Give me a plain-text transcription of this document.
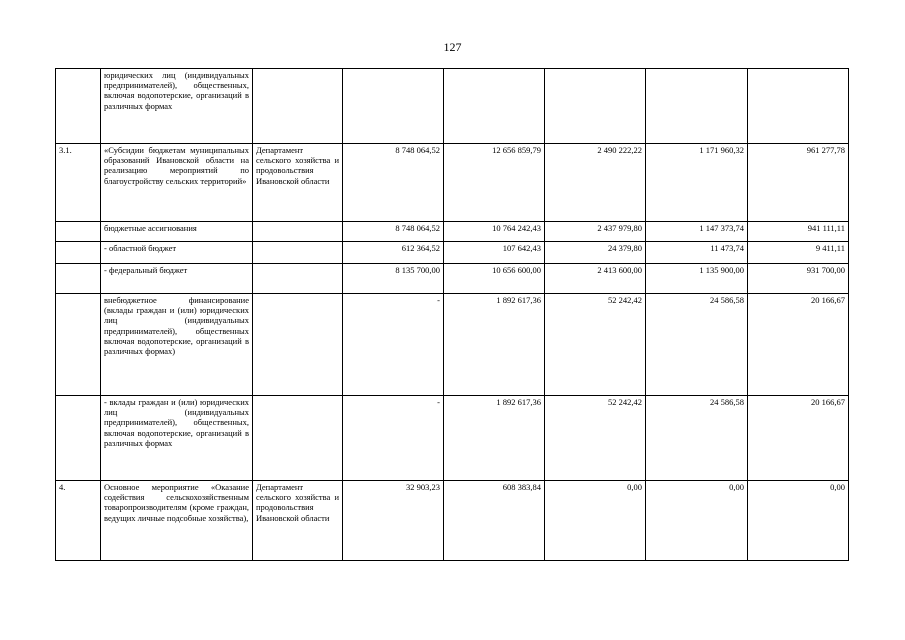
127
	юридических лиц (индивидуальных предпринимателей), общественных, включая водопотерские, организаций в различных формах						
3.1.	«Субсидии бюджетам муниципальных образований Ивановской области на реализацию мероприятий по благоустройству сельских территорий»	Департамент сельского хозяйства и продовольствия Ивановской области	8 748 064,52	12 656 859,79	2 490 222,22	1 171 960,32	961 277,78
	бюджетные ассигнования		8 748 064,52	10 764 242,43	2 437 979,80	1 147 373,74	941 111,11
	- областной бюджет		612 364,52	107 642,43	24 379,80	11 473,74	9 411,11
	- федеральный бюджет		8 135 700,00	10 656 600,00	2 413 600,00	1 135 900,00	931 700,00
	внебюджетное финансирование (вклады граждан и (или) юридических лиц (индивидуальных предпринимателей), общественных включая водопотерские, организаций в различных формах)		-	1 892 617,36	52 242,42	24 586,58	20 166,67
	- вклады граждан и (или) юридических лиц (индивидуальных предпринимателей), общественных, включая водопотерские, организаций в различных формах		-	1 892 617,36	52 242,42	24 586,58	20 166,67
4.	Основное мероприятие «Оказание содействия сельскохозяйственным товаропроизводителям (кроме граждан, ведущих личные подсобные хозяйства),	Департамент сельского хозяйства и продовольствия Ивановской области	32 903,23	608 383,84	0,00	0,00	0,00
